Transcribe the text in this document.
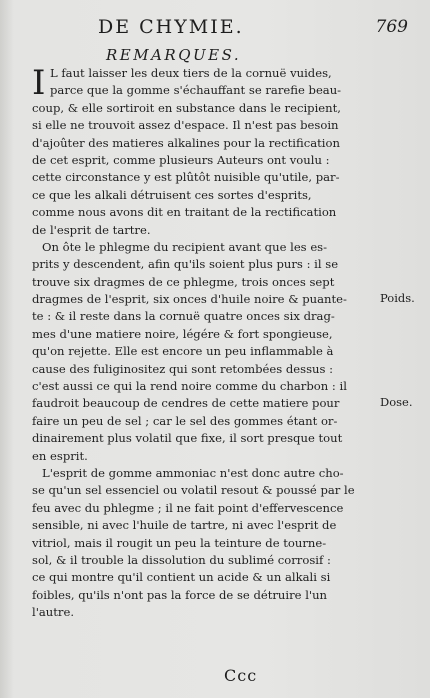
DE CHYMIE.	769
REMARQUES.
I L faut laisser les deux tiers de la cornuë vuides,
parce que la gomme s'échauffant se rarefie beau-
coup, & elle sortiroit en substance dans le recipient,
si elle ne trouvoit assez d'espace. Il n'est pas besoin
d'ajoûter des matieres alkalines pour la rectification
de cet esprit, comme plusieurs Auteurs ont voulu :
cette circonstance y est plûtôt nuisible qu'utile, par-
ce que les alkali détruisent ces sortes d'esprits,
comme nous avons dit en traitant de la rectification
de l'esprit de tartre.
On ôte le phlegme du recipient avant que les es-
prits y descendent, afin qu'ils soient plus purs : il se
trouve six dragmes de ce phlegme, trois onces sept
dragmes de l'esprit, six onces d'huile noire & puante-
te : & il reste dans la cornuë quatre onces six drag-
mes d'une matiere noire, légére & fort spongieuse,
qu'on rejette. Elle est encore un peu inflammable à
cause des fuliginositez qui sont retombées dessus :
c'est aussi ce qui la rend noire comme du charbon : il
faudroit beaucoup de cendres de cette matiere pour
faire un peu de sel ; car le sel des gommes étant or-
dinairement plus volatil que fixe, il sort presque tout
en esprit.
L'esprit de gomme ammoniac n'est donc autre cho-
se qu'un sel essenciel ou volatil resout & poussé par le
feu avec du phlegme ; il ne fait point d'effervescence
sensible, ni avec l'huile de tartre, ni avec l'esprit de
vitriol, mais il rougit un peu la teinture de tourne-
sol, & il trouble la dissolution du sublimé corrosif :
ce qui montre qu'il contient un acide & un alkali si
foibles, qu'ils n'ont pas la force de se détruire l'un
l'autre.
Poids.
Dose.
Ccc
